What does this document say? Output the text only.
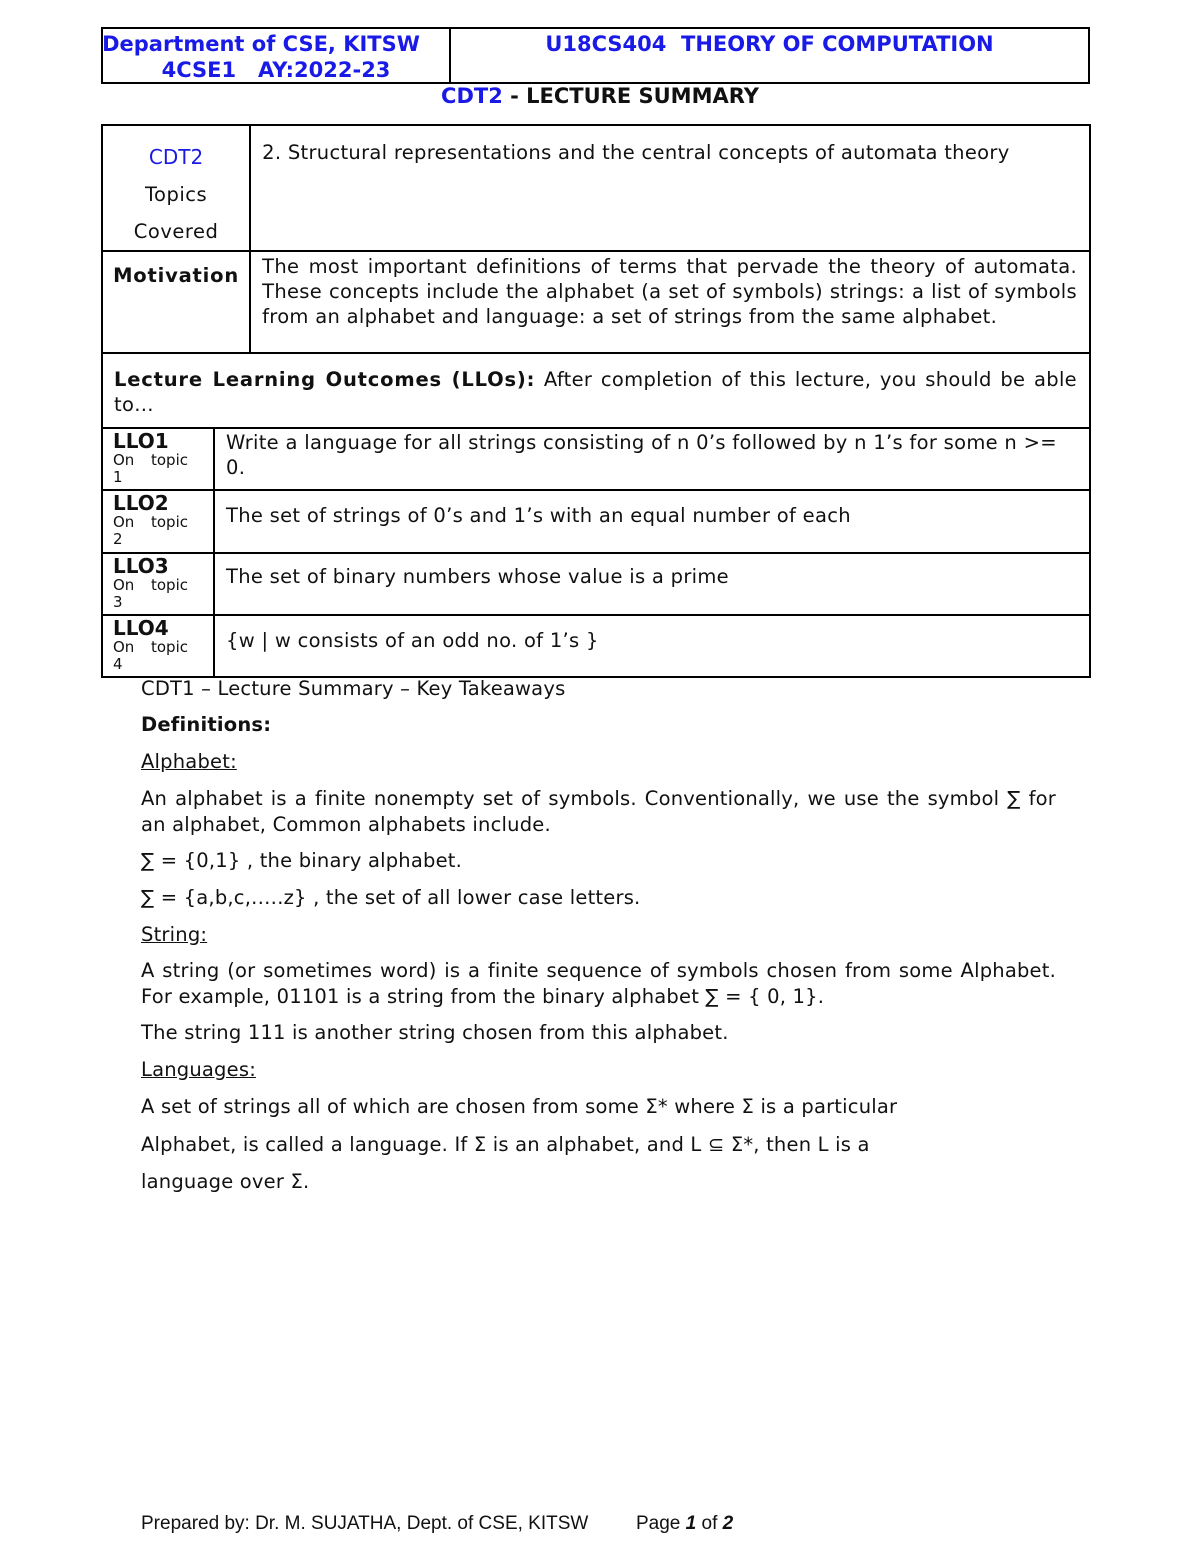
Department of CSE, KITSW
4CSE1   AY:2022-23
U18CS404  THEORY OF COMPUTATION
CDT2 - LECTURE SUMMARY
CDT2
Topics Covered		2. Structural representations and the central concepts of automata theory
Motivation		The most important definitions of terms that pervade the theory of automata. These concepts include the alphabet (a set of symbols) strings: a list of symbols from an alphabet and language: a set of strings from the same alphabet.
Lecture Learning Outcomes (LLOs): After completion of this lecture, you should be able to…		

LLO1
On topic
1	Write a language for all strings consisting of n 0’s followed by n 1’s for some n >= 0.	

LLO2
On topic
2	The set of strings of 0’s and 1’s with an equal number of each	

LLO3
On topic
3	The set of binary numbers whose value is a prime	

LLO4
On topic
4	{w | w consists of an odd no. of 1’s }	
CDT1 – Lecture Summary – Key Takeaways
Definitions:
Alphabet:
An alphabet is a finite nonempty set of symbols. Conventionally, we use the symbol ∑ for an alphabet, Common alphabets include.
∑ = {0,1} , the binary alphabet.
∑ = {a,b,c,.….z} , the set of all lower case letters.
String:
A string (or sometimes word) is a finite sequence of symbols chosen from some Alphabet. For example, 01101 is a string from the binary alphabet ∑ = { 0, 1}.
The string 111 is another string chosen from this alphabet.
Languages:
A set of strings all of which are chosen from some Σ* where Σ is a particular
Alphabet, is called a language. If Σ is an alphabet, and L ⊆ Σ*, then L is a
language over Σ.
Prepared by: Dr. M. SUJATHA, Dept. of CSE, KITSW	Page 1 of 2
